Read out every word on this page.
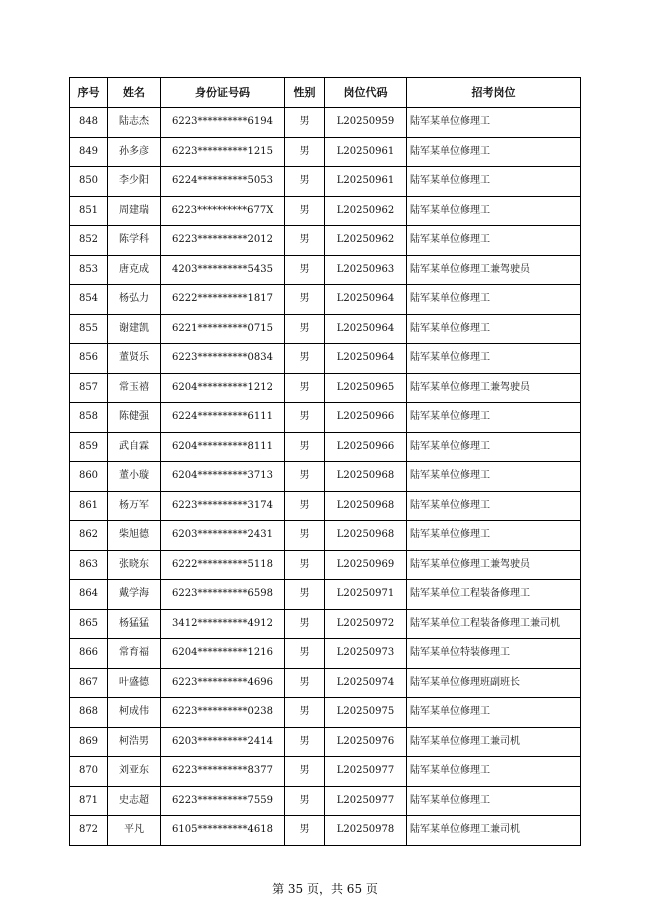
序号	姓名	身份证号码	性别	岗位代码	招考岗位
848	陆志杰	6223**********6194	男	L20250959	陆军某单位修理工
849	孙多彦	6223**********1215	男	L20250961	陆军某单位修理工
850	李少阳	6224**********5053	男	L20250961	陆军某单位修理工
851	周建瑞	6223**********677X	男	L20250962	陆军某单位修理工
852	陈学科	6223**********2012	男	L20250962	陆军某单位修理工
853	唐克成	4203**********5435	男	L20250963	陆军某单位修理工兼驾驶员
854	杨弘力	6222**********1817	男	L20250964	陆军某单位修理工
855	谢建凯	6221**********0715	男	L20250964	陆军某单位修理工
856	董贤乐	6223**********0834	男	L20250964	陆军某单位修理工
857	常玉禧	6204**********1212	男	L20250965	陆军某单位修理工兼驾驶员
858	陈健强	6224**********6111	男	L20250966	陆军某单位修理工
859	武自霖	6204**********8111	男	L20250966	陆军某单位修理工
860	董小璇	6204**********3713	男	L20250968	陆军某单位修理工
861	杨万军	6223**********3174	男	L20250968	陆军某单位修理工
862	柴旭德	6203**********2431	男	L20250968	陆军某单位修理工
863	张晓东	6222**********5118	男	L20250969	陆军某单位修理工兼驾驶员
864	戴学海	6223**********6598	男	L20250971	陆军某单位工程装备修理工
865	杨猛猛	3412**********4912	男	L20250972	陆军某单位工程装备修理工兼司机
866	常育福	6204**********1216	男	L20250973	陆军某单位特装修理工
867	叶盛德	6223**********4696	男	L20250974	陆军某单位修理班副班长
868	柯成伟	6223**********0238	男	L20250975	陆军某单位修理工
869	柯浩男	6203**********2414	男	L20250976	陆军某单位修理工兼司机
870	刘亚东	6223**********8377	男	L20250977	陆军某单位修理工
871	史志超	6223**********7559	男	L20250977	陆军某单位修理工
872	平凡	6105**********4618	男	L20250978	陆军某单位修理工兼司机
第 35 页，共 65 页
